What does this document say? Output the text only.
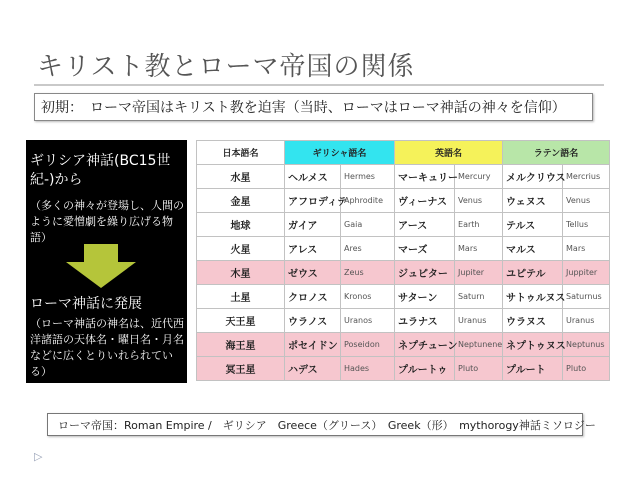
キリスト教とローマ帝国の関係
初期：　ローマ帝国はキリスト教を迫害（当時、ローマはローマ神話の神々を信仰）
ギリシア神話(BC15世紀-)から
（多くの神々が登場し、人間のように愛憎劇を繰り広げる物語）
ローマ神話に発展
（ローマ神話の神名は、近代西洋諸語の天体名・曜日名・月名などに広くとりいれられている）
日本語名	ギリシャ語名		英語名		ラテン語名	
水星	ヘルメス	Hermes	マーキュリー	Mercury	メルクリウス	Mercrius
金星	アフロディテ	Aphrodite	ヴィーナス	Venus	ウェヌス	Venus
地球	ガイア	Gaia	アース	Earth	テルス	Tellus
火星	アレス	Ares	マーズ	Mars	マルス	Mars
木星	ゼウス	Zeus	ジュピター	Jupiter	ユピテル	Juppiter
土星	クロノス	Kronos	サターン	Saturn	サトゥルヌス	Saturnus
天王星	ウラノス	Uranos	ユラナス	Uranus	ウラヌス	Uranus
海王星	ポセイドン	Poseidon	ネプチューン	Neptunene	ネプトゥヌス	Neptunus
冥王星	ハデス	Hades	プルートゥ	Pluto	プルート	Pluto
ローマ帝国：Roman Empire /　ギリシア　Greece（グリース）　Greek（形）　mythorogy神話ミソロジー
▷
